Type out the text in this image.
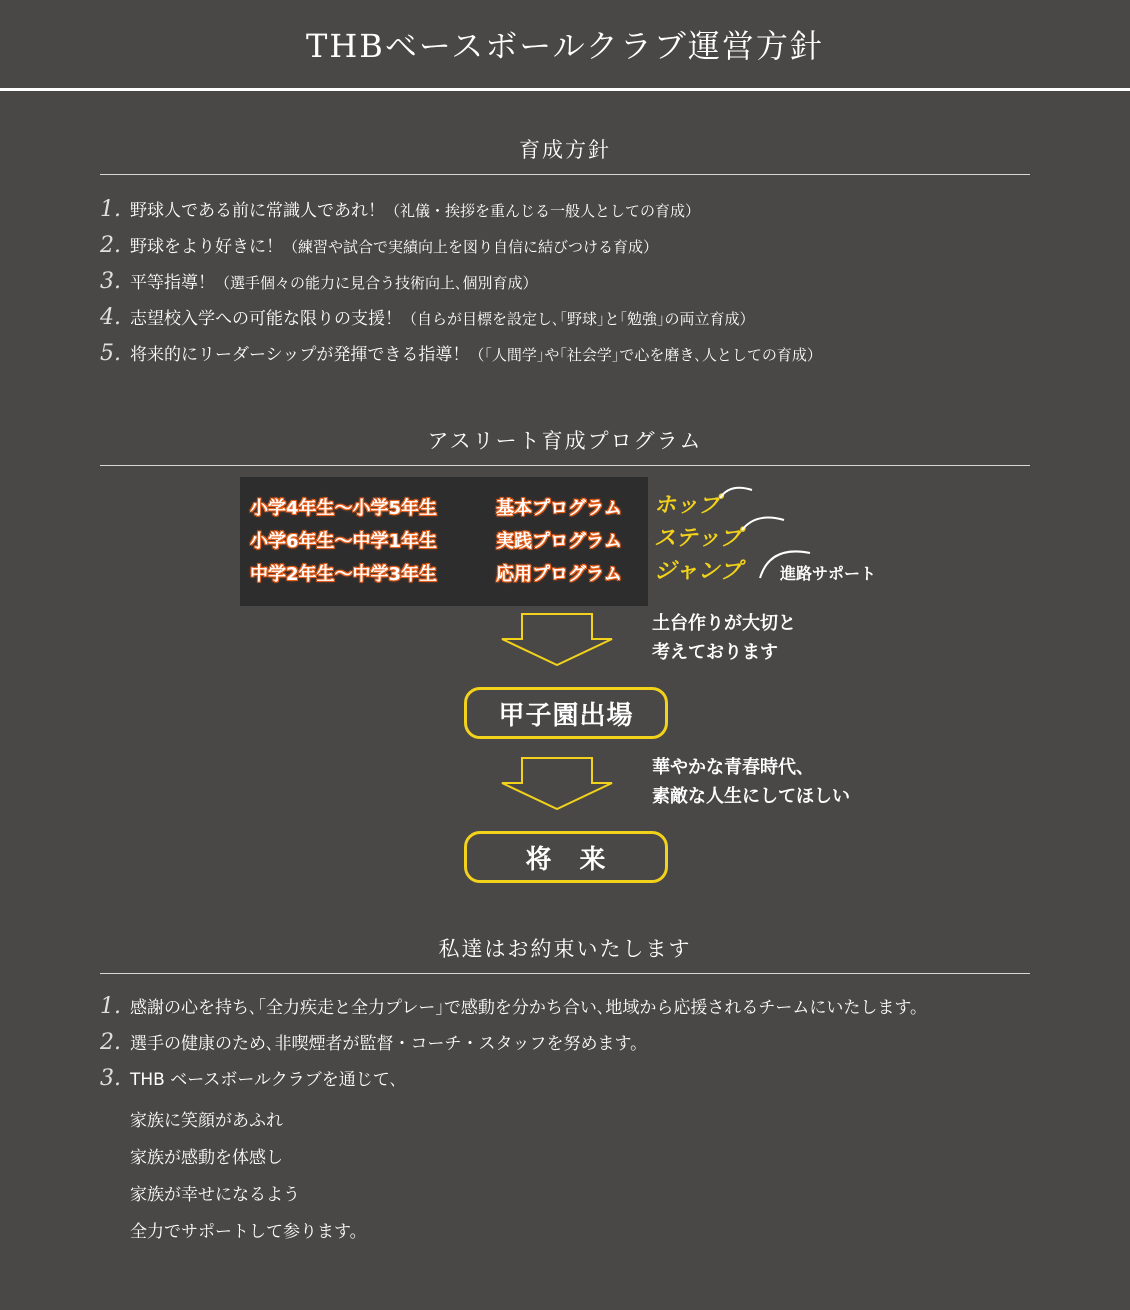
THBベースボールクラブ運営方針
育成方針
1. 野球人である前に常識人であれ！ （礼儀・挨拶を重んじる一般人としての育成）
2. 野球をより好きに！ （練習や試合で実績向上を図り自信に結びつける育成）
3. 平等指導！ （選手個々の能力に見合う技術向上､個別育成）
4. 志望校入学への可能な限りの支援！ （自らが目標を設定し､｢野球｣と｢勉強｣の両立育成）
5. 将来的にリーダーシップが発揮できる指導！ （｢人間学｣や｢社会学｣で心を磨き､人としての育成）
アスリート育成プログラム
小学4年生〜小学5年生	基本プログラム
小学6年生〜中学1年生	実践プログラム
中学2年生〜中学3年生	応用プログラム
ホップ
ステップ
ジャンプ 進路サポート
土台作りが大切と
考えております
甲子園出場
華やかな青春時代、
素敵な人生にしてほしい
将　来
私達はお約束いたします
1. 感謝の心を持ち､｢全力疾走と全力プレー｣で感動を分かち合い､地域から応援されるチームにいたします。
2. 選手の健康のため､非喫煙者が監督・コーチ・スタッフを努めます。
3. THB ベースボールクラブを通じて､
家族に笑顔があふれ
家族が感動を体感し
家族が幸せになるよう
全力でサポートして参ります。
